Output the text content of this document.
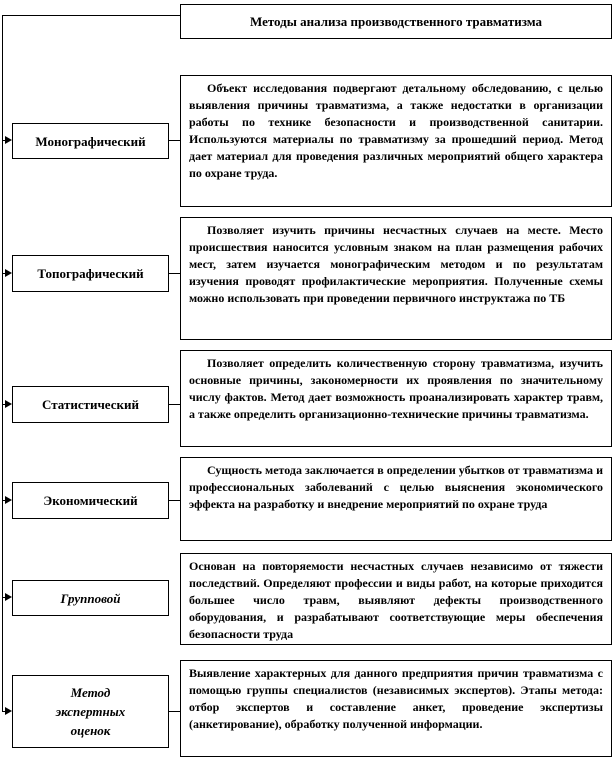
Методы анализа производственного травматизма
Монографический
Объект исследования подвергают детальному обследованию, с целью выявления причины травматизма, а также недостатки в организации работы по технике безопасности и производственной санитарии. Используются материалы по травматизму за прошедший период. Метод дает материал для проведения различных мероприятий общего характера по охране труда.
Топографический
Позволяет изучить причины несчастных случаев на месте. Место происшествия наносится условным знаком на план размещения рабочих мест, затем изучается монографическим методом и по результатам изучения проводят профилактические мероприятия. Полученные схемы можно использовать при проведении первичного инструктажа по ТБ
Статистический
Позволяет определить количественную сторону травматизма, изучить основные причины, закономерности их проявления по значительному числу фактов. Метод дает возможность проанализировать характер травм, а также определить организационно-технические причины травматизма.
Экономический
Сущность метода заключается в определении убытков от травматизма и профессиональных заболеваний с целью выяснения экономического эффекта на разработку и внедрение мероприятий по охране труда
Групповой
Основан на повторяемости несчастных случаев независимо от тяжести последствий. Определяют профессии и виды работ, на которые приходится большее число травм, выявляют дефекты производственного оборудования, и разрабатывают соответствующие меры обеспечения безопасности труда
Метод экспертных оценок
Выявление характерных для данного предприятия причин травматизма с помощью группы специалистов (независимых экспертов). Этапы метода: отбор экспертов и составление анкет, проведение экспертизы (анкетирование), обработку полученной информации.
